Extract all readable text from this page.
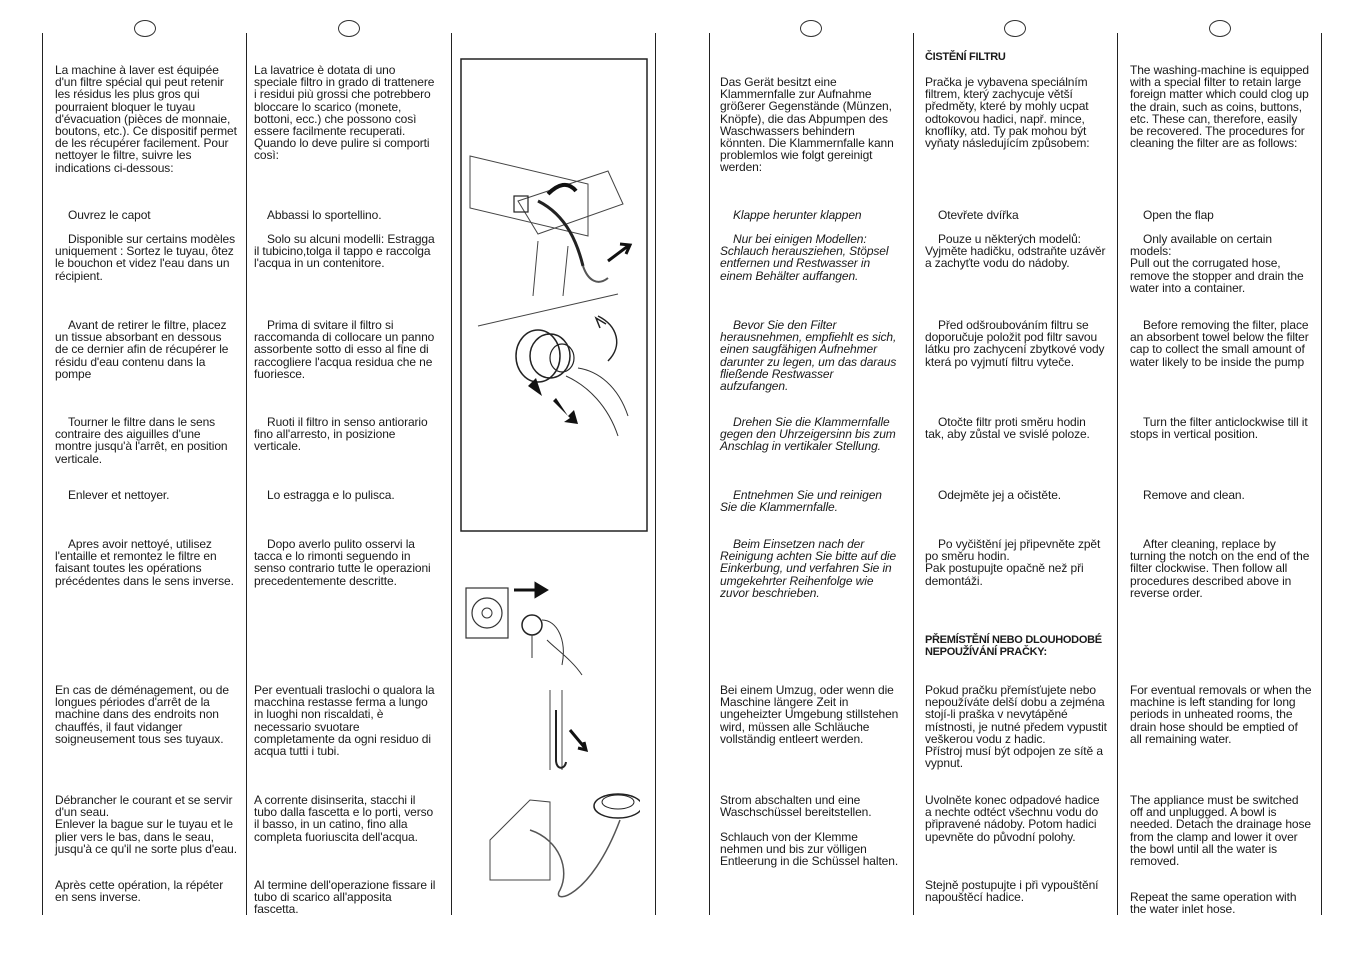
La machine à laver est équipée d'un filtre spécial qui peut retenir les résidus les plus gros qui pourraient bloquer le tuyau d'évacuation (pièces de monnaie, boutons, etc.). Ce dispositif permet de les récupérer facilement. Pour nettoyer le filtre, suivre les indications ci-dessous:

Ouvrez le capot

Disponible sur certains modèles uniquement : Sortez le tuyau, ôtez le bouchon et videz l'eau dans un récipient.

Avant de retirer le filtre, placez un tissue absorbant en dessous de ce dernier afin de récupérer le résidu d'eau contenu dans la pompe

Tourner le filtre dans le sens contraire des aiguilles d'une montre jusqu'à l'arrêt, en position verticale.

Enlever et nettoyer.

Apres avoir nettoyé, utilisez l'entaille et remontez le filtre en faisant toutes les opérations précédentes dans le sens inverse.

En cas de déménagement, ou de longues périodes d'arrêt de la machine dans des endroits non chauffés, il faut vidanger soigneusement tous ses tuyaux.

Débrancher le courant et se servir d'un seau.
Enlever la bague sur le tuyau et le plier vers le bas, dans le seau, jusqu'à ce qu'il ne sorte plus d'eau.

Après cette opération, la répéter en sens inverse.

La lavatrice è dotata di uno speciale filtro in grado di trattenere i residui più grossi che potrebbero bloccare lo scarico (monete, bottoni, ecc.) che possono così essere facilmente recuperati. Quando lo deve pulire si comporti così:

Abbassi lo sportellino.

Solo su alcuni modelli: Estragga il tubicino,tolga il tappo e raccolga l'acqua in un contenitore.

Prima di svitare il filtro si raccomanda di collocare un panno assorbente sotto di esso al fine di raccogliere l'acqua residua che ne fuoriesce.

Ruoti il filtro in senso antiorario fino all'arresto, in posizione verticale.

Lo estragga e lo pulisca.

Dopo averlo pulito osservi la tacca e lo rimonti seguendo in senso contrario tutte le operazioni precedentemente descritte.

Per eventuali traslochi o qualora la macchina restasse ferma a lungo in luoghi non riscaldati, è necessario svuotare completamente da ogni residuo di acqua tutti i tubi.

A corrente disinserita, stacchi il tubo dalla fascetta e lo porti, verso il basso, in un catino, fino alla completa fuoriuscita dell'acqua.

Al termine dell'operazione fissare il tubo di scarico all'apposita fascetta.

Das Gerät besitzt eine Klammernfalle zur Aufnahme größerer Gegenstände (Münzen, Knöpfe), die das Abpumpen des Waschwassers behindern könnten. Die Klammernfalle kann problemlos wie folgt gereinigt werden:

Klappe herunter klappen

Nur bei einigen Modellen: Schlauch herausziehen, Stöpsel entfernen und Restwasser in einem Behälter auffangen.

Bevor Sie den Filter herausnehmen, empfiehlt es sich, einen saugfähigen Aufnehmer darunter zu legen, um das daraus fließende Restwasser aufzufangen.

Drehen Sie die Klammernfalle gegen den Uhrzeigersinn bis zum Anschlag in vertikaler Stellung.

Entnehmen Sie und reinigen Sie die Klammernfalle.

Beim Einsetzen nach der Reinigung achten Sie bitte auf die Einkerbung, und verfahren Sie in umgekehrter Reihenfolge wie zuvor beschrieben.

Bei einem Umzug, oder wenn die Maschine längere Zeit in ungeheizter Umgebung stillstehen wird, müssen alle Schläuche vollständig entleert werden.

Strom abschalten und eine Waschschüssel bereitstellen.

Schlauch von der Klemme nehmen und bis zur völligen Entleerung in die Schüssel halten.

ČISTĚNÍ FILTRU

Pračka je vybavena speciálním filtrem, který zachycuje větší předměty, které by mohly ucpat odtokovou hadici, např. mince, knoflíky, atd. Ty pak mohou být vyňaty následujícím způsobem:

Otevřete dvířka

Pouze u některých modelů:
Vyjměte hadičku, odstraňte uzávěr a zachyťte vodu do nádoby.

Před odšroubováním filtru se doporučuje položit pod filtr savou látku pro zachycení zbytkové vody která po vyjmutí filtru vyteče.

Otočte filtr proti směru hodin tak, aby zůstal ve svislé poloze.

Odejměte jej a očistěte.

Po vyčištění jej připevněte zpět po směru hodin.
Pak postupujte opačně než při demontáži.

PŘEMÍSTĚNÍ NEBO DLOUHODOBÉ NEPOUŽÍVÁNÍ PRAČKY:

Pokud pračku přemísťujete nebo nepoužíváte delší dobu a zejména stojí-li praška v nevytápěné místnosti, je nutné předem vypustit veškerou vodu z hadic.
Přístroj musí být odpojen ze sítě a vypnut.

Uvolněte konec odpadové hadice a nechte odtéct všechnu vodu do připravené nádoby. Potom hadici upevněte do původní polohy.

Stejně postupujte i při vypouštění napouštěcí hadice.

The washing-machine is equipped with a special filter to retain large foreign matter which could clog up the drain, such as coins, buttons, etc. These can, therefore, easily be recovered. The procedures for cleaning the filter are as follows:

Open the flap

Only available on certain models:
Pull out the corrugated hose, remove the stopper and drain the water into a container.

Before removing the filter, place an absorbent towel below the filter
cap to collect the small amount of water likely to be inside the pump

Turn the filter anticlockwise till it stops in vertical position.

Remove and clean.

After cleaning, replace by turning the notch on the end of the filter clockwise. Then follow all procedures described above in reverse order.

For eventual removals or when the machine is left standing for long periods in unheated rooms, the drain hose should be emptied of all remaining water.

The appliance must be switched off and unplugged. A bowl is needed. Detach the drainage hose from the clamp and lower it over the bowl until all the water is removed.

Repeat the same operation with the water inlet hose.
